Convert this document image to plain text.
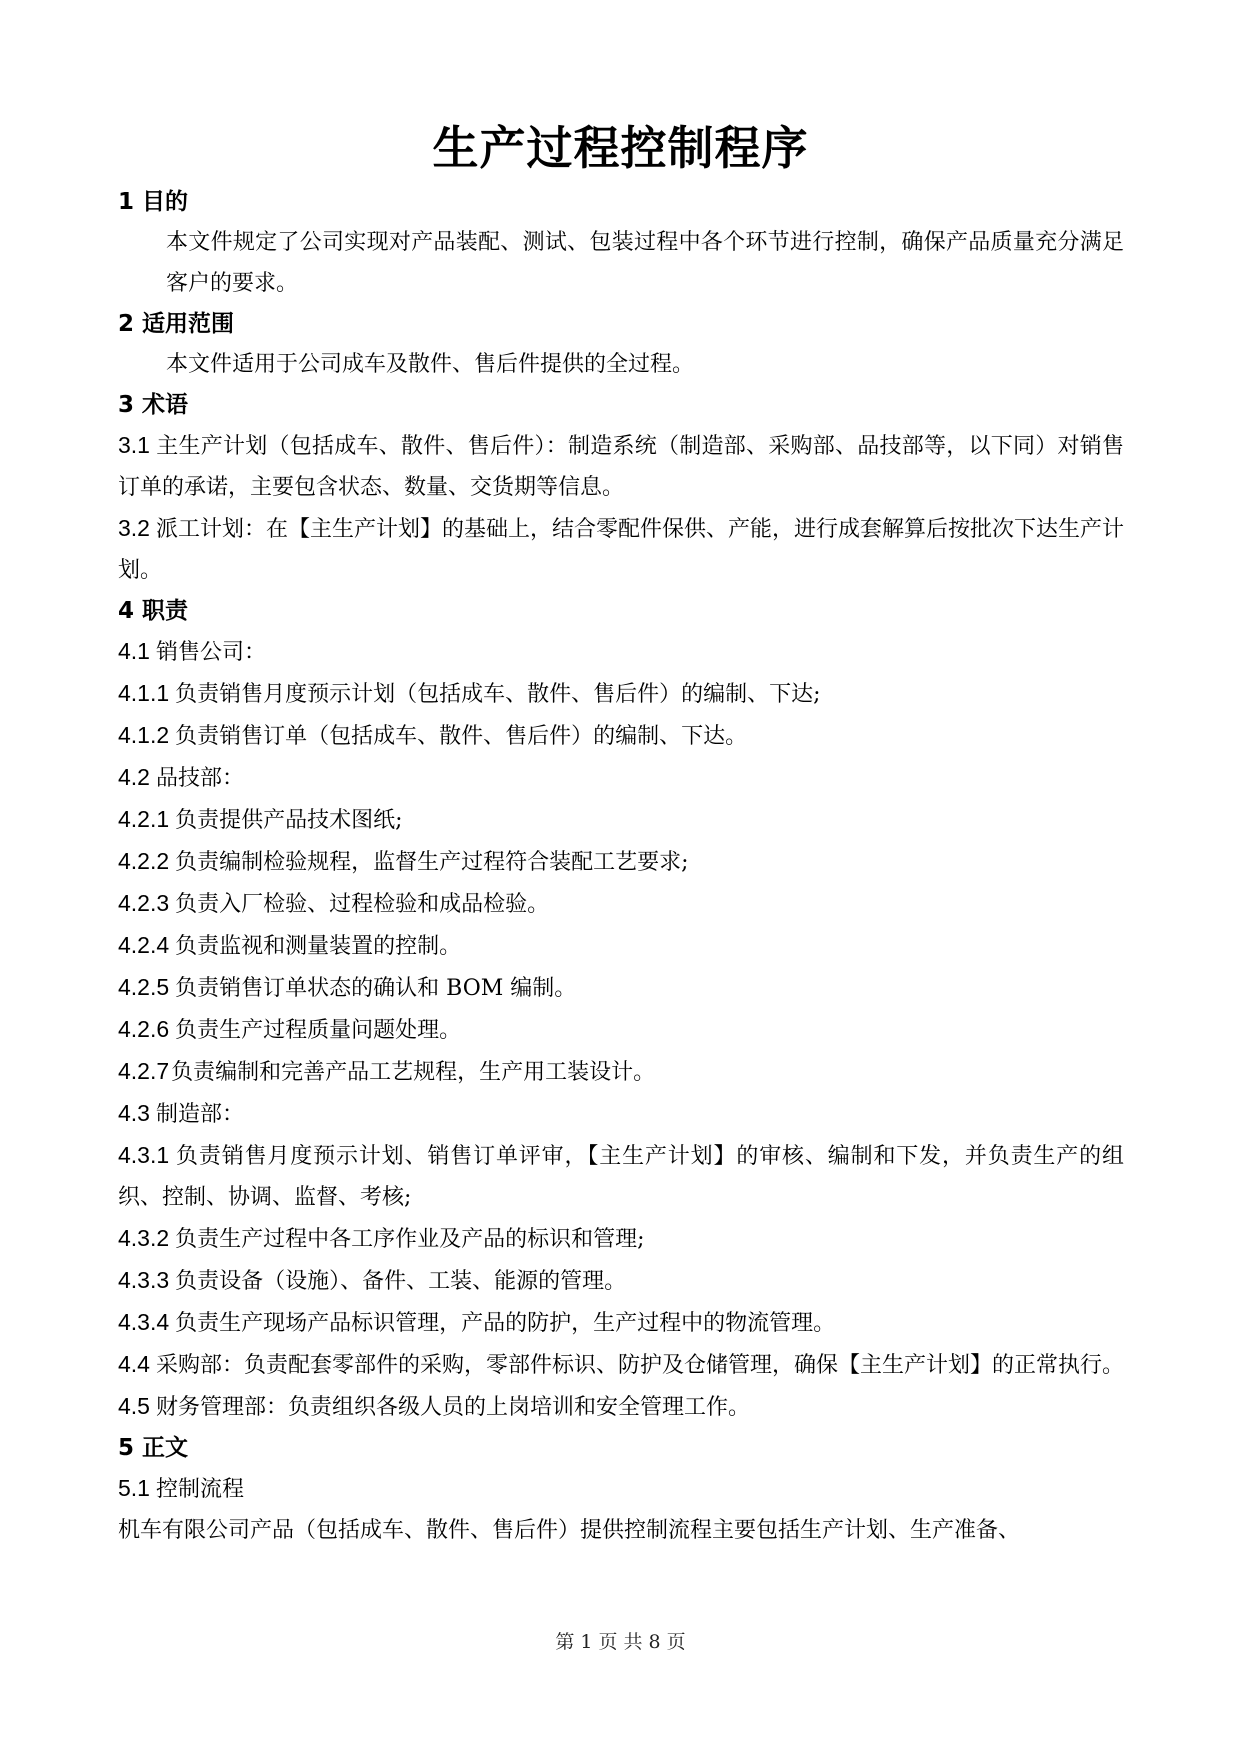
生产过程控制程序
1 目的
本文件规定了公司实现对产品装配、测试、包装过程中各个环节进行控制，确保产品质量充分满足客户的要求。
2 适用范围
本文件适用于公司成车及散件、售后件提供的全过程。
3 术语
3.1 主生产计划（包括成车、散件、售后件）：制造系统（制造部、采购部、品技部等，以下同）对销售订单的承诺，主要包含状态、数量、交货期等信息。
3.2 派工计划：在【主生产计划】的基础上，结合零配件保供、产能，进行成套解算后按批次下达生产计划。
4 职责
4.1 销售公司：
4.1.1 负责销售月度预示计划（包括成车、散件、售后件）的编制、下达;
4.1.2 负责销售订单（包括成车、散件、售后件）的编制、下达。
4.2 品技部：
4.2.1 负责提供产品技术图纸;
4.2.2 负责编制检验规程，监督生产过程符合装配工艺要求;
4.2.3 负责入厂检验、过程检验和成品检验。
4.2.4 负责监视和测量装置的控制。
4.2.5 负责销售订单状态的确认和 BOM 编制。
4.2.6 负责生产过程质量问题处理。
4.2.7负责编制和完善产品工艺规程，生产用工装设计。
4.3 制造部：
4.3.1 负责销售月度预示计划、销售订单评审，【主生产计划】的审核、编制和下发，并负责生产的组织、控制、协调、监督、考核;
4.3.2 负责生产过程中各工序作业及产品的标识和管理;
4.3.3 负责设备（设施）、备件、工装、能源的管理。
4.3.4 负责生产现场产品标识管理，产品的防护，生产过程中的物流管理。
4.4 采购部：负责配套零部件的采购，零部件标识、防护及仓储管理，确保【主生产计划】的正常执行。
4.5 财务管理部：负责组织各级人员的上岗培训和安全管理工作。
5 正文
5.1 控制流程
机车有限公司产品（包括成车、散件、售后件）提供控制流程主要包括生产计划、生产准备、
第 1 页 共 8 页
